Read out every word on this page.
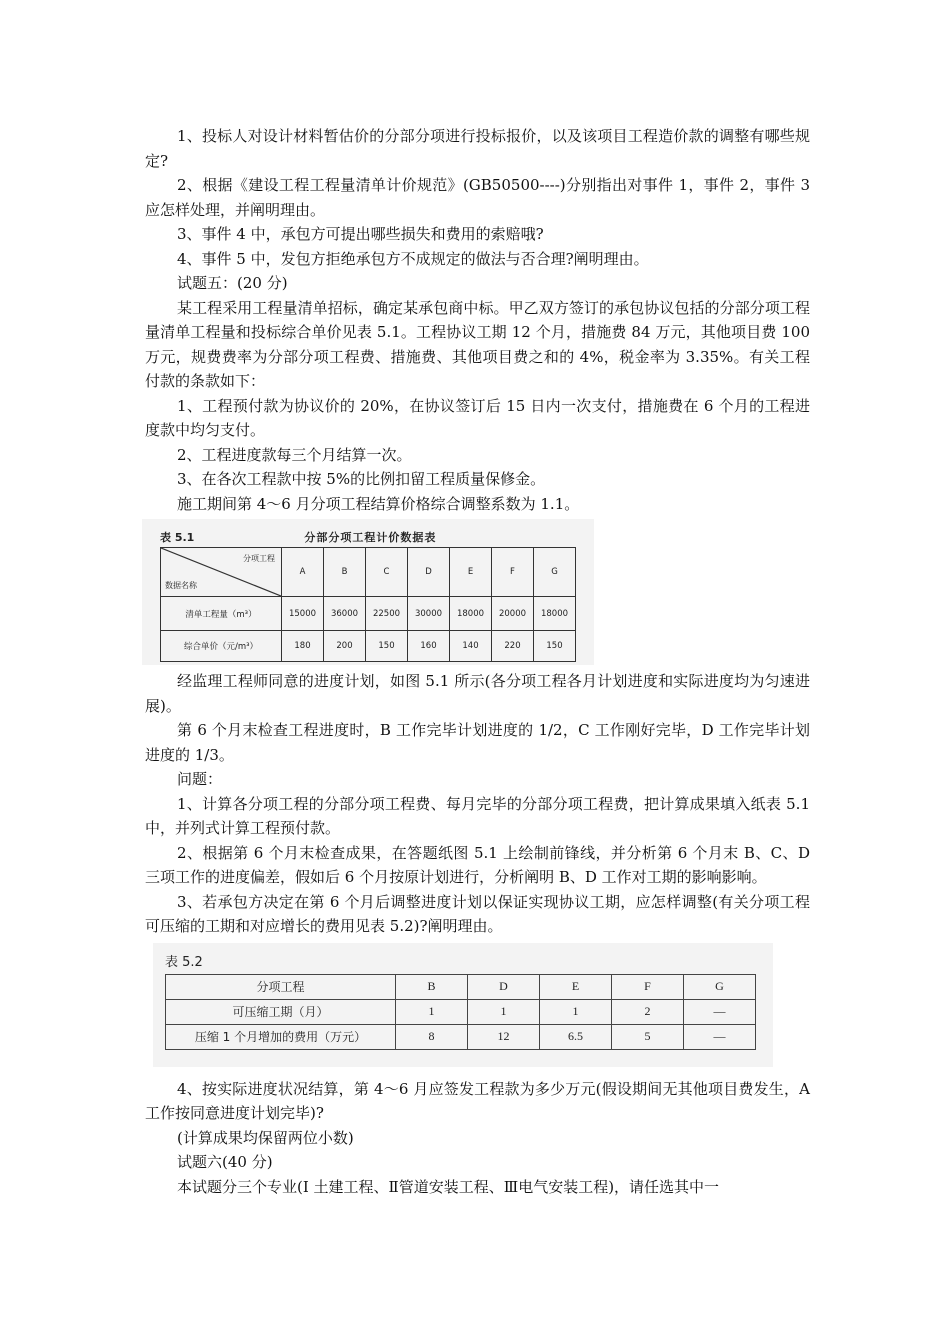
1、投标人对设计材料暂估价的分部分项进行投标报价，以及该项目工程造价款的调整有哪些规定?

2、根据《建设工程工程量清单计价规范》(GB50500----)分别指出对事件 1，事件 2，事件 3 应怎样处理，并阐明理由。

3、事件 4 中，承包方可提出哪些损失和费用的索赔哦?

4、事件 5 中，发包方拒绝承包方不成规定的做法与否合理?阐明理由。

试题五：(20 分)

某工程采用工程量清单招标，确定某承包商中标。甲乙双方签订的承包协议包括的分部分项工程量清单工程量和投标综合单价见表 5.1。工程协议工期 12 个月，措施费 84 万元，其他项目费 100 万元，规费费率为分部分项工程费、措施费、其他项目费之和的 4%，税金率为 3.35%。有关工程付款的条款如下：

1、工程预付款为协议价的 20%，在协议签订后 15 日内一次支付，措施费在 6 个月的工程进度款中均匀支付。

2、工程进度款每三个月结算一次。

3、在各次工程款中按 5%的比例扣留工程质量保修金。

施工期间第 4～6 月分项工程结算价格综合调整系数为 1.1。

表 5.1	分部分项工程计价数据表
分项工程
数据名称	A	B	C	D	E	F	G
清单工程量（m³）	15000	36000	22500	30000	18000	20000	18000
综合单价（元/m³）	180	200	150	160	140	220	150

经监理工程师同意的进度计划，如图 5.1 所示(各分项工程各月计划进度和实际进度均为匀速进展)。

第 6 个月末检查工程进度时，B 工作完毕计划进度的 1/2，C 工作刚好完毕，D 工作完毕计划进度的 1/3。

问题：

1、计算各分项工程的分部分项工程费、每月完毕的分部分项工程费，把计算成果填入纸表 5.1 中，并列式计算工程预付款。

2、根据第 6 个月末检查成果，在答题纸图 5.1 上绘制前锋线，并分析第 6 个月末 B、C、D 三项工作的进度偏差，假如后 6 个月按原计划进行，分析阐明 B、D 工作对工期的影响影响。

3、若承包方决定在第 6 个月后调整进度计划以保证实现协议工期，应怎样调整(有关分项工程可压缩的工期和对应增长的费用见表 5.2)?阐明理由。

表 5.2
分项工程	B	D	E	F	G
可压缩工期（月）	1	1	1	2	—
压缩 1 个月增加的费用（万元）	8	12	6.5	5	—

4、按实际进度状况结算，第 4～6 月应签发工程款为多少万元(假设期间无其他项目费发生，A 工作按同意进度计划完毕)?

(计算成果均保留两位小数)

试题六(40 分)

本试题分三个专业(Ⅰ 土建工程、Ⅱ管道安装工程、Ⅲ电气安装工程)，请任选其中一
